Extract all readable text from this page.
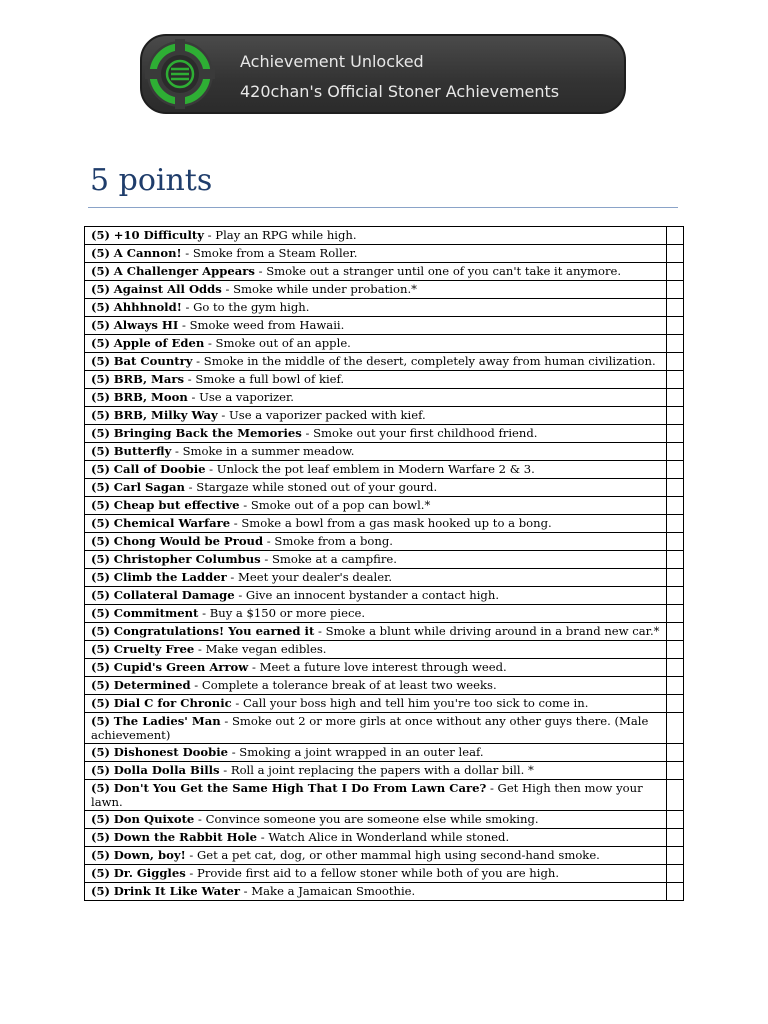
Achievement Unlocked
420chan's Official Stoner Achievements
5 points
(5) +10 Difficulty - Play an RPG while high.	
(5) A Cannon! - Smoke from a Steam Roller.	
(5) A Challenger Appears - Smoke out a stranger until one of you can't take it anymore.	
(5) Against All Odds - Smoke while under probation.*	
(5) Ahhhnold! - Go to the gym high.	
(5) Always HI - Smoke weed from Hawaii.	
(5) Apple of Eden - Smoke out of an apple.	
(5) Bat Country - Smoke in the middle of the desert, completely away from human civilization.	
(5) BRB, Mars - Smoke a full bowl of kief.	
(5) BRB, Moon - Use a vaporizer.	
(5) BRB, Milky Way - Use a vaporizer packed with kief.	
(5) Bringing Back the Memories - Smoke out your first childhood friend.	
(5) Butterfly - Smoke in a summer meadow.	
(5) Call of Doobie - Unlock the pot leaf emblem in Modern Warfare 2 & 3.	
(5) Carl Sagan - Stargaze while stoned out of your gourd.	
(5) Cheap but effective - Smoke out of a pop can bowl.*	
(5) Chemical Warfare - Smoke a bowl from a gas mask hooked up to a bong.	
(5) Chong Would be Proud - Smoke from a bong.	
(5) Christopher Columbus - Smoke at a campfire.	
(5) Climb the Ladder - Meet your dealer's dealer.	
(5) Collateral Damage - Give an innocent bystander a contact high.	
(5) Commitment - Buy a $150 or more piece.	
(5) Congratulations! You earned it - Smoke a blunt while driving around in a brand new car.*	
(5) Cruelty Free - Make vegan edibles.	
(5) Cupid's Green Arrow - Meet a future love interest through weed.	
(5) Determined - Complete a tolerance break of at least two weeks.	
(5) Dial C for Chronic - Call your boss high and tell him you're too sick to come in.	
(5) The Ladies' Man - Smoke out 2 or more girls at once without any other guys there. (Male achievement)	
(5) Dishonest Doobie - Smoking a joint wrapped in an outer leaf.	
(5) Dolla Dolla Bills - Roll a joint replacing the papers with a dollar bill. *	
(5) Don't You Get the Same High That I Do From Lawn Care? - Get High then mow your lawn.	
(5) Don Quixote - Convince someone you are someone else while smoking.	
(5) Down the Rabbit Hole - Watch Alice in Wonderland while stoned.	
(5) Down, boy! - Get a pet cat, dog, or other mammal high using second-hand smoke.	
(5) Dr. Giggles - Provide first aid to a fellow stoner while both of you are high.	
(5) Drink It Like Water - Make a Jamaican Smoothie.	
